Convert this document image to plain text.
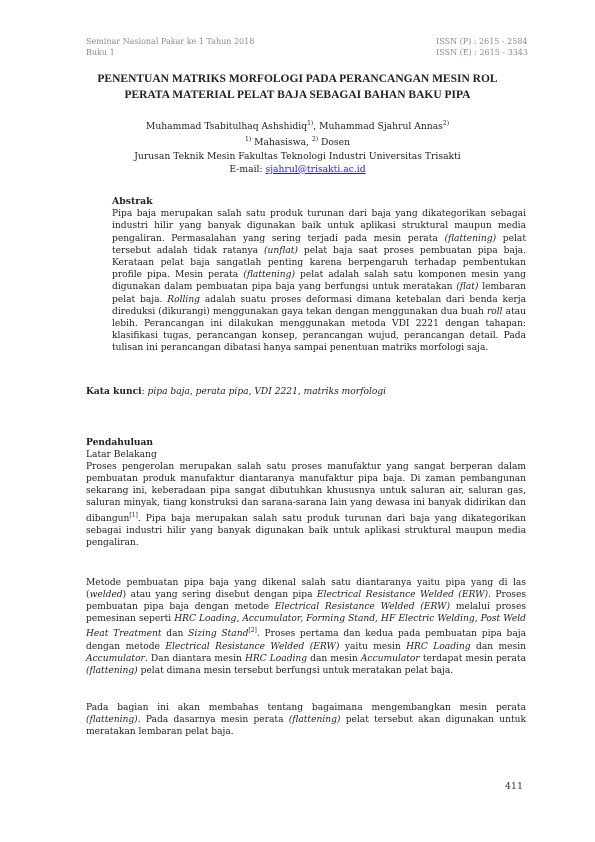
Seminar Nasional Pakar ke 1 Tahun 2018
Buku 1
ISSN (P) : 2615 - 2584
ISSN (E) : 2615 - 3343
PENENTUAN MATRIKS MORFOLOGI PADA PERANCANGAN MESIN ROL
PERATA MATERIAL PELAT BAJA SEBAGAI BAHAN BAKU PIPA
Muhammad Tsabitulhaq Ashshidiq$^{1)}$, Muhammad Sjahrul Annas$^{2)}$
$^{1)}$ Mahasiswa, $^{2)}$ Dosen
Jurusan Teknik Mesin Fakultas Teknologi Industri Universitas Trisakti
E-mail: sjahrul@trisakti.ac.id
Abstrak
Pipa baja merupakan salah satu produk turunan dari baja yang dikategorikan sebagai industri hilir yang banyak digunakan baik untuk aplikasi struktural maupun media pengaliran. Permasalahan yang sering terjadi pada mesin perata (flattening) pelat tersebut adalah tidak ratanya (unflat) pelat baja saat proses pembuatan pipa baja. Kerataan pelat baja sangatlah penting karena berpengaruh terhadap pembentukan profile pipa. Mesin perata (flattening) pelat adalah salah satu komponen mesin yang digunakan dalam pembuatan pipa baja yang berfungsi untuk meratakan (flat) lembaran pelat baja. Rolling adalah suatu proses deformasi dimana ketebalan dari benda kerja direduksi (dikurangi) menggunakan gaya tekan dengan menggunakan dua buah roll atau lebih. Perancangan ini dilakukan menggunakan metoda VDI 2221 dengan tahapan: klasifikasi tugas, perancangan konsep, perancangan wujud, perancangan detail. Pada tulisan ini perancangan dibatasi hanya sampai penentuan matriks morfologi saja.
Kata kunci: pipa baja, perata pipa, VDI 2221, matriks morfologi
Pendahuluan
Latar Belakang
Proses pengerolan merupakan salah satu proses manufaktur yang sangat berperan dalam pembuatan produk manufaktur diantaranya manufaktur pipa baja. Di zaman pembangunan sekarang ini, keberadaan pipa sangat dibutuhkan khususnya untuk saluran air, saluran gas, saluran minyak, tiang konstruksi dan sarana-sarana lain yang dewasa ini banyak didirikan dan dibangun[1]. Pipa baja merupakan salah satu produk turunan dari baja yang dikategorikan sebagai industri hilir yang banyak digunakan baik untuk aplikasi struktural maupun media pengaliran.
Metode pembuatan pipa baja yang dikenal salah satu diantaranya yaitu pipa yang di las (welded) atau yang sering disebut dengan pipa Electrical Resistance Welded (ERW). Proses pembuatan pipa baja dengan metode Electrical Resistance Welded (ERW) melalui proses pemesinan seperti HRC Loading, Accumulator, Forming Stand, HF Electric Welding, Post Weld Heat Treatment dan Sizing Stand[2]. Proses pertama dan kedua pada pembuatan pipa baja dengan metode Electrical Resistance Welded (ERW) yaitu mesin HRC Loading dan mesin Accumulator. Dan diantara mesin HRC Loading dan mesin Accumulator terdapat mesin perata (flattening) pelat dimana mesin tersebut berfungsi untuk meratakan pelat baja.
Pada bagian ini akan membahas tentang bagaimana mengembangkan mesin perata (flattening). Pada dasarnya mesin perata (flattening) pelat tersebut akan digunakan untuk meratakan lembaran pelat baja.
411
